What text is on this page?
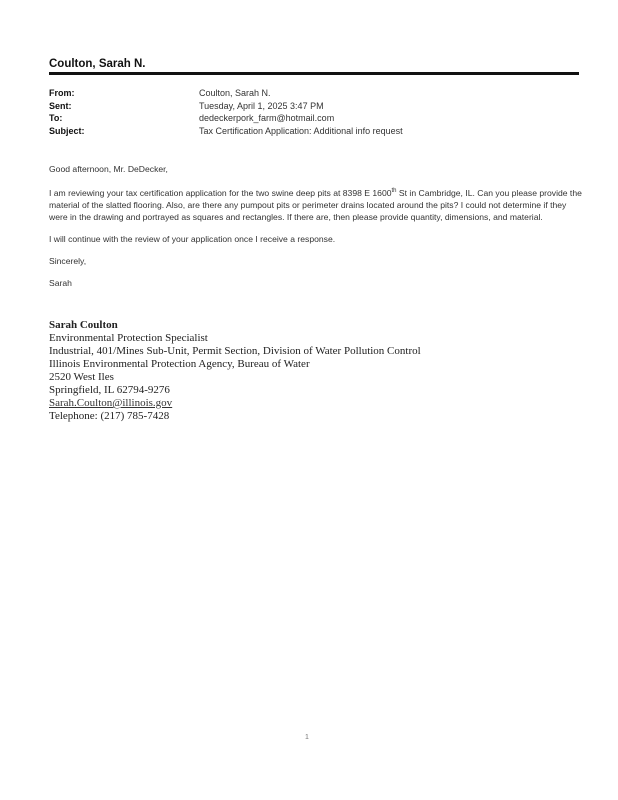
Coulton, Sarah N.
From:	Coulton, Sarah N.
Sent:	Tuesday, April 1, 2025 3:47 PM
To:	dedeckerpork_farm@hotmail.com
Subject:	Tax Certification Application: Additional info request

Good afternoon, Mr. DeDecker,

I am reviewing your tax certification application for the two swine deep pits at 8398 E 1600th St in Cambridge, IL. Can you please provide the material of the slatted flooring. Also, are there any pumpout pits or perimeter drains located around the pits? I could not determine if they were in the drawing and portrayed as squares and rectangles. If there are, then please provide quantity, dimensions, and material.

I will continue with the review of your application once I receive a response.

Sincerely,

Sarah

Sarah Coulton
Environmental Protection Specialist
Industrial, 401/Mines Sub-Unit, Permit Section, Division of Water Pollution Control
Illinois Environmental Protection Agency, Bureau of Water
2520 West Iles
Springfield, IL 62794-9276
Sarah.Coulton@illinois.gov
Telephone: (217) 785-7428
1
